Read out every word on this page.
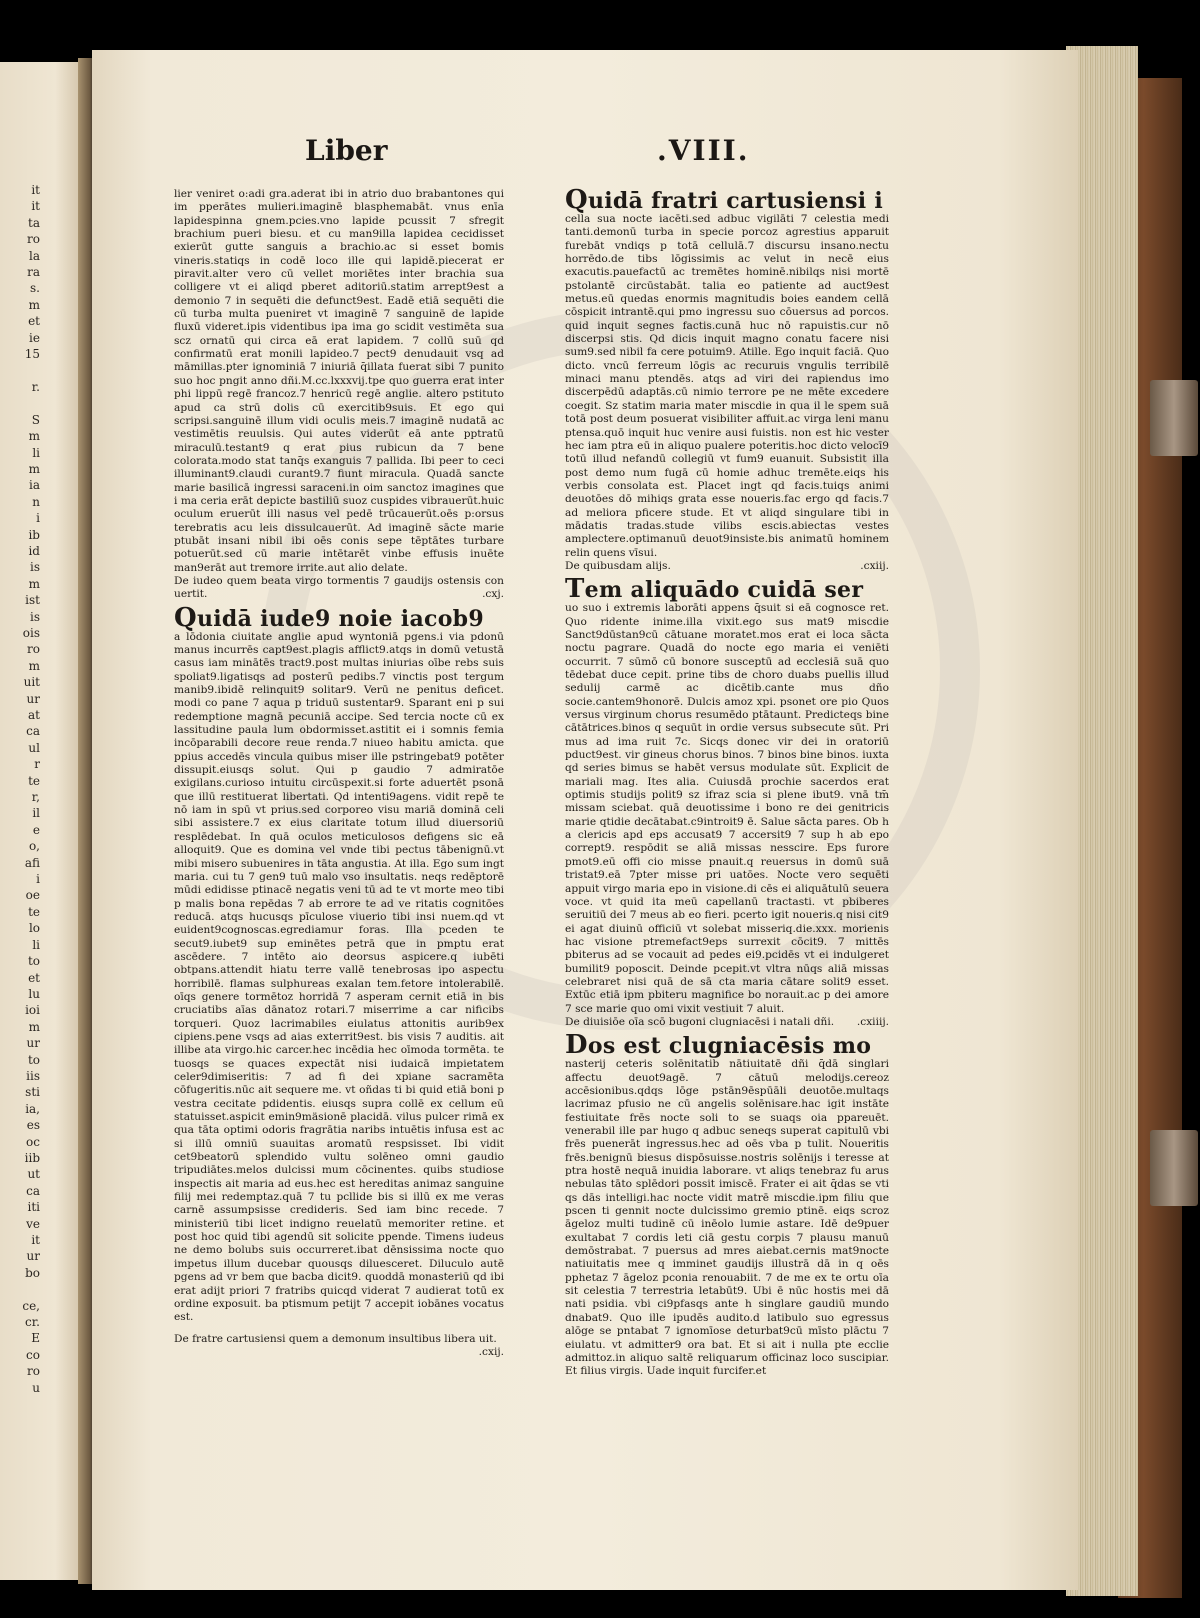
it
it
ta
ro
la
ra
s.
m
et
ie
15

r.

S
m
li
m
ia
n
i
ib
id
is
m
ist
is
ois
ro
m
uit
ur
at
ca
ul
r
te
r,
il
e
o,
afi
i
oe
te
lo
li
to
et
lu
ioi
m
ur
to
iis
sti
ia,
es
oc
iib
ut
ca
iti
ve
it
ur
bo

ce,
cr.
E
co
ro
u
Liber	.VIII.

lier veniret o:adi gra.aderat ibi in atrio duo brabantones qui im pperātes mulieri.imaginē blasphemabāt. vnus enīa lapidespinna gnem.pcies.vno lapide pcussit 7 sfregit brachium pueri biesu. et cu man9illa lapidea cecidisset exierūt gutte sanguis a brachio.ac si esset bomis vineris.statiqs in codē loco ille qui lapidē.piecerat er piravit.alter vero cū vellet moriētes inter brachia sua colligere vt ei aliqd pberet aditoriū.statim arrept9est a demonio 7 in sequēti die defunct9est. Eadē etiā sequēti die cū turba multa pueniret vt imaginē 7 sanguinē de lapide fluxū videret.ipis videntibus ipa ima go scidit vestimēta sua scz ornatū qui circa eā erat lapidem. 7 collū suū qd confirmatū erat monili lapideo.7 pect9 denudauit vsq ad māmillas.pter ignominiā 7 iniuriā q̄illata fuerat sibi 7 punito suo hoc pngit anno dñi.M.cc.lxxxvij.tpe quo guerra erat inter phi lippū regē francoz.7 henricū regē anglie. altero pstituto apud ca strū dolis cū exercitib9suis. Et ego qui scripsi.sanguinē illum vidi oculis meis.7 imaginē nudatā ac vestimētis reuulsis. Qui autes viderūt eā ante pptratū miraculū.testant9 q erat pius rubicun da 7 bene colorata.modo stat tanq̄s exanguis 7 pallida. Ibi peer to ceci illuminant9.claudi curant9.7 fiunt miracula. Quadā sancte marie basilicā ingressi saraceni.in oim sanctoz imagines que i ma ceria erāt depicte bastiliū suoz cuspides vibrauerūt.huic oculum eruerūt illi nasus vel pedē trūcauerūt.oēs p:orsus terebratis acu leis dissulcauerūt. Ad imaginē sācte marie ptubāt insani nibil ibi oēs conis sepe tēptātes turbare potuerūt.sed cū marie intētarēt vinbe effusis inuēte man9erāt aut tremore irrite.aut alio delate.

De iudeo quem beata virgo tormentis 7 gaudijs ostensis con uertit.	.cxj.

Quidā iude9 noie iacob9

a lōdonia ciuitate anglie apud wyntoniā pgens.i via pdonū manus incurrēs capt9est.plagis afflict9.atqs in domū vetustā casus iam minātēs tract9.post multas iniurias oībe rebs suis spoliat9.ligatisqs ad posterū pedibs.7 vinctis post tergum manib9.ibidē relinquit9 solitar9. Verū ne penitus deficet. modi co pane 7 aqua p triduū sustentar9. Sparant eni p sui redemptione magnā pecuniā accipe. Sed tercia nocte cū ex lassitudine paula lum obdormisset.astitit ei i somnis femia incōparabili decore reue renda.7 niueo habitu amicta. que ppius accedēs vincula quibus miser ille pstringebat9 potēter dissupit.eiusqs solut. Qui p gaudio 7 admiratōe exigilans.curioso intuitu circūspexit.si forte aduertēt psonā que illū restituerat libertati. Qd intenti9agens. vidit repē te nō iam in spū vt prius.sed corporeo visu mariā dominā celi sibi assistere.7 ex eius claritate totum illud diuersoriū resplēdebat. In quā oculos meticulosos defigens sic eā alloquit9. Que es domina vel vnde tibi pectus tābenignū.vt mibi misero subuenires in tāta angustia. At illa. Ego sum ingt maria. cui tu 7 gen9 tuū malo vso insultatis. neqs redēptorē mūdi edidisse ptinacē negatis veni tū ad te vt morte meo tibi p malis bona repēdas 7 ab errore te ad ve ritatis cognitōes reducā. atqs hucusqs pīculose viuerio tibi insi nuem.qd vt euident9cognoscas.egrediamur foras. Illa pceden te secut9.iubet9 sup eminētes petrā que in pmptu erat ascēdere. 7 intēto aio deorsus aspicere.q iubēti obtpans.attendit hiatu terre vallē tenebrosas ipo aspectu horribilē. flamas sulphureas exalan tem.fetore intolerabilē. oīqs genere tormētoz horridā 7 asperam cernit etiā in bis cruciatibs aīas dānatoz rotari.7 miserrime a car nificibs torqueri. Quoz lacrimabiles eiulatus attonitis aurib9ex cipiens.pene vsqs ad aias exterrit9est. bis visis 7 auditis. ait illibe ata virgo.hic carcer.hec incēdia hec oīmoda tormēta. te tuosqs se quaces expectāt nisi iudaicā impietatem celer9dimiseritis: 7 ad fi dei xpiane sacramēta cōfugeritis.nūc ait sequere me. vt oñdas ti bi quid etiā boni p vestra cecitate pdidentis. eiusqs supra collē ex cellum eū statuisset.aspicit emin9mäsionē placidā. vilus pulcer rimā ex qua tāta optimi odoris fragrātia naribs intuētis infusa est ac si illū omniū suauitas aromatū respsisset. Ibi vidit cet9beatorū splendido vultu solēneo omni gaudio tripudiātes.melos dulcissi mum cōcinentes. quibs studiose inspectis ait maria ad eus.hec est hereditas animaz sanguine filij mei redemptaz.quā 7 tu pcllide bis si illū ex me veras carnē assumpsisse credideris. Sed iam binc recede. 7 ministeriū tibi licet indigno reuelatū memoriter retine. et post hoc quid tibi agendū sit solicite ppende. Timens iudeus ne demo bolubs suis occurreret.ibat dēnsissima nocte quo impetus illum ducebar quousqs diluesceret. Diluculo autē pgens ad vr bem que bacba dicit9. quoddā monasteriū qd ibi erat adijt priori 7 fratribs quicqd viderat 7 audierat totū ex ordine exposuit. ba ptismum petijt 7 accepit iobānes vocatus est.

De fratre cartusiensi quem a demonum insultibus libera uit.
.cxij.

Quidā fratri cartusiensi i

cella sua nocte iacēti.sed adbuc vigilāti 7 celestia medi tanti.demonū turba in specie porcoz agrestius apparuit furebāt vndiqs p totā cellulā.7 discursu insano.nectu horrēdo.de tibs lōgissimis ac velut in necē eius exacutis.pauefactū ac tremētes hominē.nibilqs nisi mortē pstolantē circūstabāt. talia eo patiente ad auct9est metus.eū quedas enormis magnitudis boies eandem cellā cōspicit intrantē.qui pmo ingressu suo cōuersus ad porcos. quid inquit segnes factis.cunā huc nō rapuistis.cur nō discerpsi stis. Qd dicis inquit magno conatu facere nisi sum9.sed nibil fa cere potuim9. Atille. Ego inquit faciā. Quo dicto. vncū ferreum lōgis ac recuruis vngulis terribilē minaci manu ptendēs. atqs ad viri dei rapiendus imo discerpēdū adaptās.cū nimio terrore pe ne mēte excedere coegit. Sz statim maria mater miscdie in qua il le spem suā totā post deum posuerat visibiliter affuit.ac virga leni manu ptensa.quō inquit huc venire ausi fuistis. non est hic vester hec iam ptra eū in aliquo pualere poteritis.hoc dicto velocī9 totū illud nefandū collegiū vt fum9 euanuit. Subsistit illa post demo num fugā cū homie adhuc tremēte.eiqs his verbis consolata est. Placet ingt qd facis.tuiqs animi deuotōes dō mihiqs grata esse noueris.fac ergo qd facis.7 ad meliora pficere stude. Et vt aliqd singulare tibi in mādatis tradas.stude vilibs escis.abiectas vestes amplectere.optimanuū deuot9insiste.bis animatū hominem relin quens vīsui.

De quibusdam alijs.	.cxiij.

Tem aliquādo cuidā ser

uo suo i extremis laborāti appens q̄suit si eā cognosce ret. Quo ridente inime.illa vixit.ego sus mat9 miscdie Sanct9dūstan9cū cātuane moratet.mos erat ei loca sācta noctu pagrare. Quadā do nocte ego maria ei veniēti occurrit. 7 sūmō cū bonore susceptū ad ecclesiā suā quo tēdebat duce cepit. prine tibs de choro duabs puellis illud sedulij carmē ac dicētib.cante mus dño socie.cantem9honorē. Dulcis amoz xpi. psonet ore pio Quos versus virginum chorus resumēdo ptātaunt. Predicteqs bine cātātrices.binos q sequūt in ordie versus subsecute sūt. Pri mus ad ima ruit 7c. Sicqs donec vir dei in oratoriū pduct9est. vir gineus chorus binos. 7 binos bine binos. iuxta qd series bimus se habēt versus modulate sūt. Explicit de mariali mag. Ites alia. Cuiusdā prochie sacerdos erat optimis studijs polit9 sz ifraz scia si plene ibut9. vnā tm̄ missam sciebat. quā deuotissime i bono re dei genitricis marie qtidie decātabat.c9introit9 ē. Salue sācta pares. Ob h a clericis apd eps accusat9 7 accersit9 7 sup h ab epo corrept9. respōdit se aliā missas nesscire. Eps furore pmot9.eū offi cio misse pnauit.q reuersus in domū suā tristat9.eā 7pter misse pri uatōes. Nocte vero sequēti appuit virgo maria epo in visione.di cēs ei aliquātulū seuera voce. vt quid ita meū capellanū tractasti. vt pbiberes seruitiū dei 7 meus ab eo fieri. pcerto igit noueris.q nisi cit9 ei agat diuinū officiū vt solebat misseriq.die.xxx. morienis hac visione ptremefact9eps surrexit cōcit9. 7 mittēs pbiterus ad se vocauit ad pedes ei9.pcidēs vt ei indulgeret bumilit9 poposcit. Deinde pcepit.vt vltra nūqs aliā missas celebraret nisi quā de sā cta maria cātare solit9 esset. Extūc etiā ipm pbiteru magnifice bo norauit.ac p dei amore 7 sce marie quo omi vixit vestiuit 7 aluit.

De diuisiōe oīa scō bugoni clugniacēsi i natali dñi. .cxiiij.

Dos est clugniacēsis mo

nasterij ceteris solēnitatib nātiuitatē dñi q̄dā singlari affectu deuot9agē. 7 cātuū melodijs.cereoz accēsionibus.qdqs lōge pstān9ēspūāli deuotōe.multaqs lacrimaz pfusio ne cū angelis solēnisare.hac igit instāte festiuitate frēs nocte soli to se suaqs oia ppareuēt. venerabil ille par hugo q adbuc seneqs superat capitulū vbi frēs puenerāt ingressus.hec ad oēs vba p tulit. Noueritis frēs.benignū biesus dispōsuisse.nostris solēnijs i teresse at ptra hostē nequā inuidia laborare. vt aliqs tenebraz fu arus nebulas tāto splēdori possit imiscē. Frater ei ait q̄das se vti qs dās intelligi.hac nocte vidit matrē miscdie.ipm filiu que pscen ti gennit nocte dulcissimo gremio ptinē. eiqs scroz āgeloz multi tudinē cū inēolo lumie astare. Idē de9puer exultabat 7 cordis leti ciā gestu corpis 7 plausu manuū demōstrabat. 7 puersus ad mres aiebat.cernis mat9nocte natiuitatis mee q imminet gaudijs illustrā dā in q oēs pphetaz 7 āgeloz pconia renouabiit. 7 de me ex te ortu oīa sit celestia 7 terrestria letabūt9. Ubi ē nūc hostis mei dā nati psidia. vbi ci9pfasqs ante h singlare gaudiū mundo dnabat9. Quo ille ipudēs audito.d latibulo suo egressus alōge se pntabat 7 ignomīose deturbat9cū mīsto plāctu 7 eiulatu. vt admitter9 ora bat. Et si ait i nulla pte ecclie admittoz.in aliquo saltē reliquarum officinaz loco suscipiar. Et filius virgis. Uade inquit furcifer.et
